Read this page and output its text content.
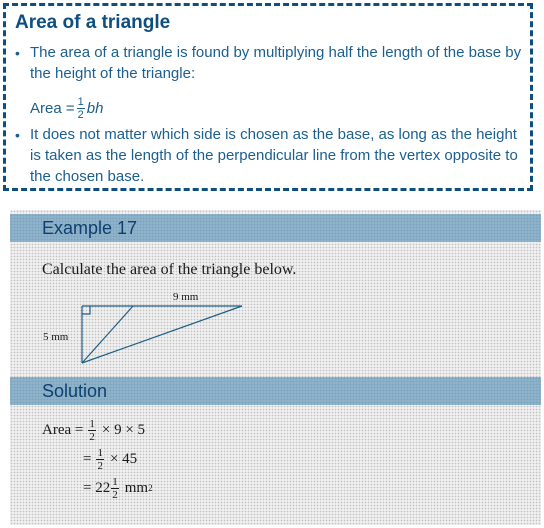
Area of a triangle
• The area of a triangle is found by multiplying half the length of the base by the height of the triangle:
Area = $\frac{1}{2}$ bh
• It does not matter which side is chosen as the base, as long as the height is taken as the length of the perpendicular line from the vertex opposite to the chosen base.
Example 17

Calculate the area of the triangle below.

9 mm
5 mm
Solution
Area = $\frac{1}{2} \times 9 \times 5$
= $\frac{1}{2} \times 45$
= $22 \frac{1}{2}$ mm 2
